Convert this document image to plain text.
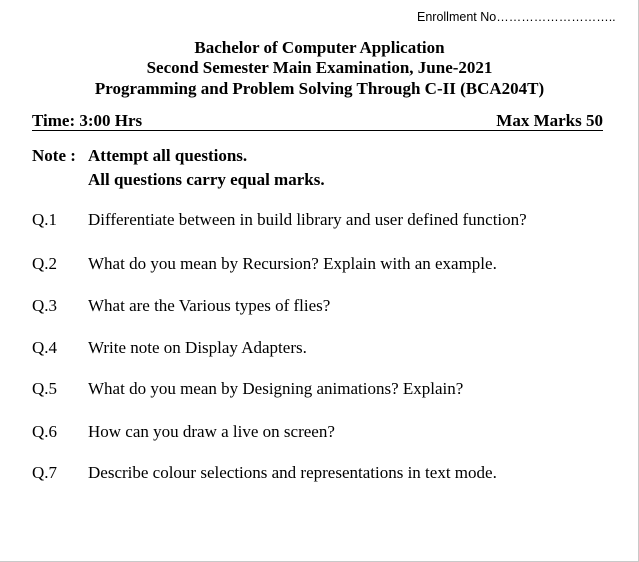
Enrollment No………………………..
Bachelor of Computer Application
Second Semester Main Examination, June-2021
Programming and Problem Solving Through C-II (BCA204T)
Time: 3:00 Hrs	Max Marks 50
Note : Attempt all questions.
All questions carry equal marks.
Q.1 Differentiate between in build library and user defined function?
Q.2 What do you mean by Recursion? Explain with an example.
Q.3 What are the Various types of flies?
Q.4 Write note on Display Adapters.
Q.5 What do you mean by Designing animations? Explain?
Q.6 How can you draw a live on screen?
Q.7 Describe colour selections and representations in text mode.
